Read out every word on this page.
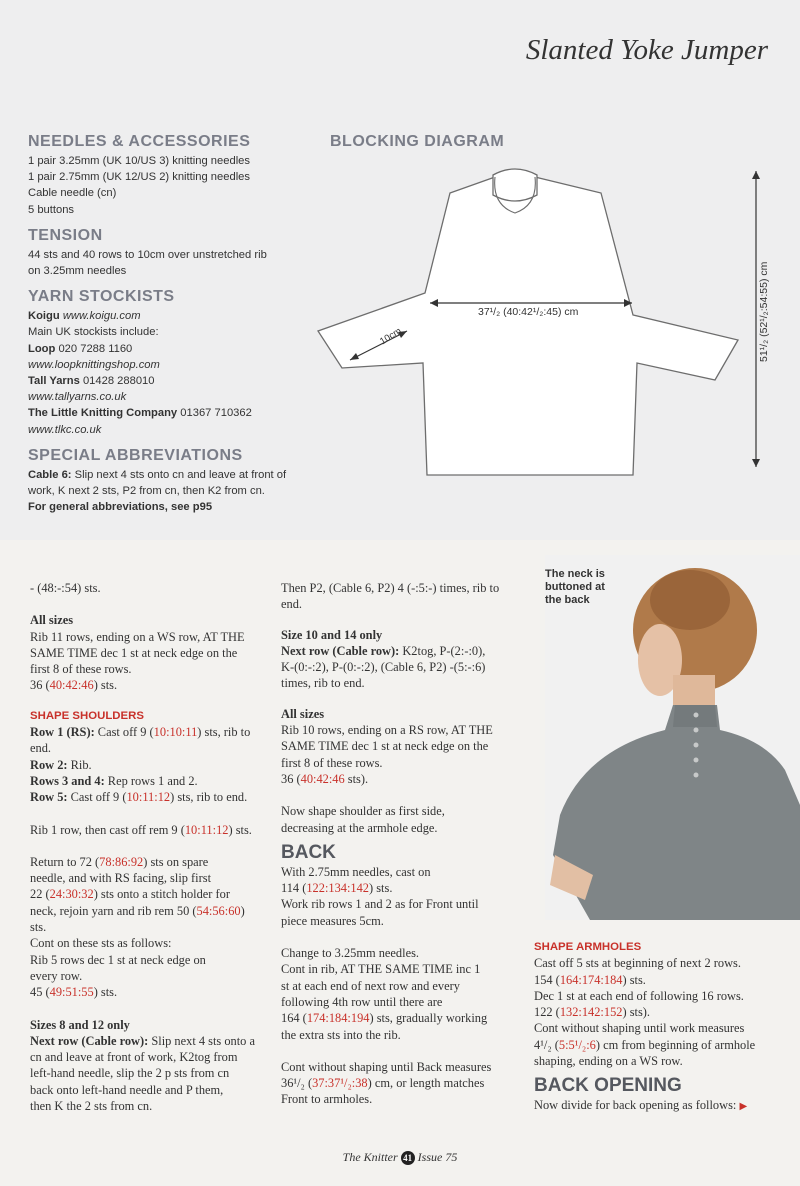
Slanted Yoke Jumper
NEEDLES & ACCESSORIES

1 pair 3.25mm (UK 10/US 3) knitting needles

1 pair 2.75mm (UK 12/US 2) knitting needles

Cable needle (cn)

5 buttons

TENSION

44 sts and 40 rows to 10cm over unstretched rib

on 3.25mm needles

YARN STOCKISTS

Koigu www.koigu.com

Main UK stockists include:

Loop 020 7288 1160

www.loopknittingshop.com

Tall Yarns 01428 288010

www.tallyarns.co.uk

The Little Knitting Company 01367 710362

www.tlkc.co.uk

SPECIAL ABBREVIATIONS

Cable 6: Slip next 4 sts onto cn and leave at front of

work, K next 2 sts, P2 from cn, then K2 from cn.

For general abbreviations, see p95

BLOCKING DIAGRAM
37¹/₂ (40:42¹/₂:45) cm
10cm	51¹/₂ (52¹/₂:54:55) cm

- (48:-:54) sts.

All sizes

Rib 11 rows, ending on a WS row, AT THE

SAME TIME dec 1 st at neck edge on the

first 8 of these rows.

36 (40:42:46) sts.

SHAPE SHOULDERS

Row 1 (RS): Cast off 9 (10:10:11) sts, rib to

end.

Row 2: Rib.

Rows 3 and 4: Rep rows 1 and 2.

Row 5: Cast off 9 (10:11:12) sts, rib to end.

Rib 1 row, then cast off rem 9 (10:11:12) sts.

Return to 72 (78:86:92) sts on spare

needle, and with RS facing, slip first

22 (24:30:32) sts onto a stitch holder for

neck, rejoin yarn and rib rem 50 (54:56:60)

sts.

Cont on these sts as follows:

Rib 5 rows dec 1 st at neck edge on

every row.

45 (49:51:55) sts.

Sizes 8 and 12 only

Next row (Cable row): Slip next 4 sts onto a

cn and leave at front of work, K2tog from

left-hand needle, slip the 2 p sts from cn

back onto left-hand needle and P them,

then K the 2 sts from cn.

Then P2, (Cable 6, P2) 4 (-:5:-) times, rib to

end.

Size 10 and 14 only

Next row (Cable row): K2tog, P-(2:-:0),

K-(0:-:2), P-(0:-:2), (Cable 6, P2) -(5:-:6)

times, rib to end.

All sizes

Rib 10 rows, ending on a RS row, AT THE

SAME TIME dec 1 st at neck edge on the

first 8 of these rows.

36 (40:42:46 sts).

Now shape shoulder as first side,

decreasing at the armhole edge.

BACK

With 2.75mm needles, cast on

114 (122:134:142) sts.

Work rib rows 1 and 2 as for Front until

piece measures 5cm.

Change to 3.25mm needles.

Cont in rib, AT THE SAME TIME inc 1

st at each end of next row and every

following 4th row until there are

164 (174:184:194) sts, gradually working

the extra sts into the rib.

Cont without shaping until Back measures

36¹/₂ (37:37¹/₂:38) cm, or length matches

Front to armholes.

The neck is
buttoned at
the back

SHAPE ARMHOLES

Cast off 5 sts at beginning of next 2 rows.

154 (164:174:184) sts.

Dec 1 st at each end of following 16 rows.

122 (132:142:152) sts).

Cont without shaping until work measures

4¹/₂ (5:5¹/₂:6) cm from beginning of armhole

shaping, ending on a WS row.

BACK OPENING

Now divide for back opening as follows: ▶

The Knitter 41 Issue 75
